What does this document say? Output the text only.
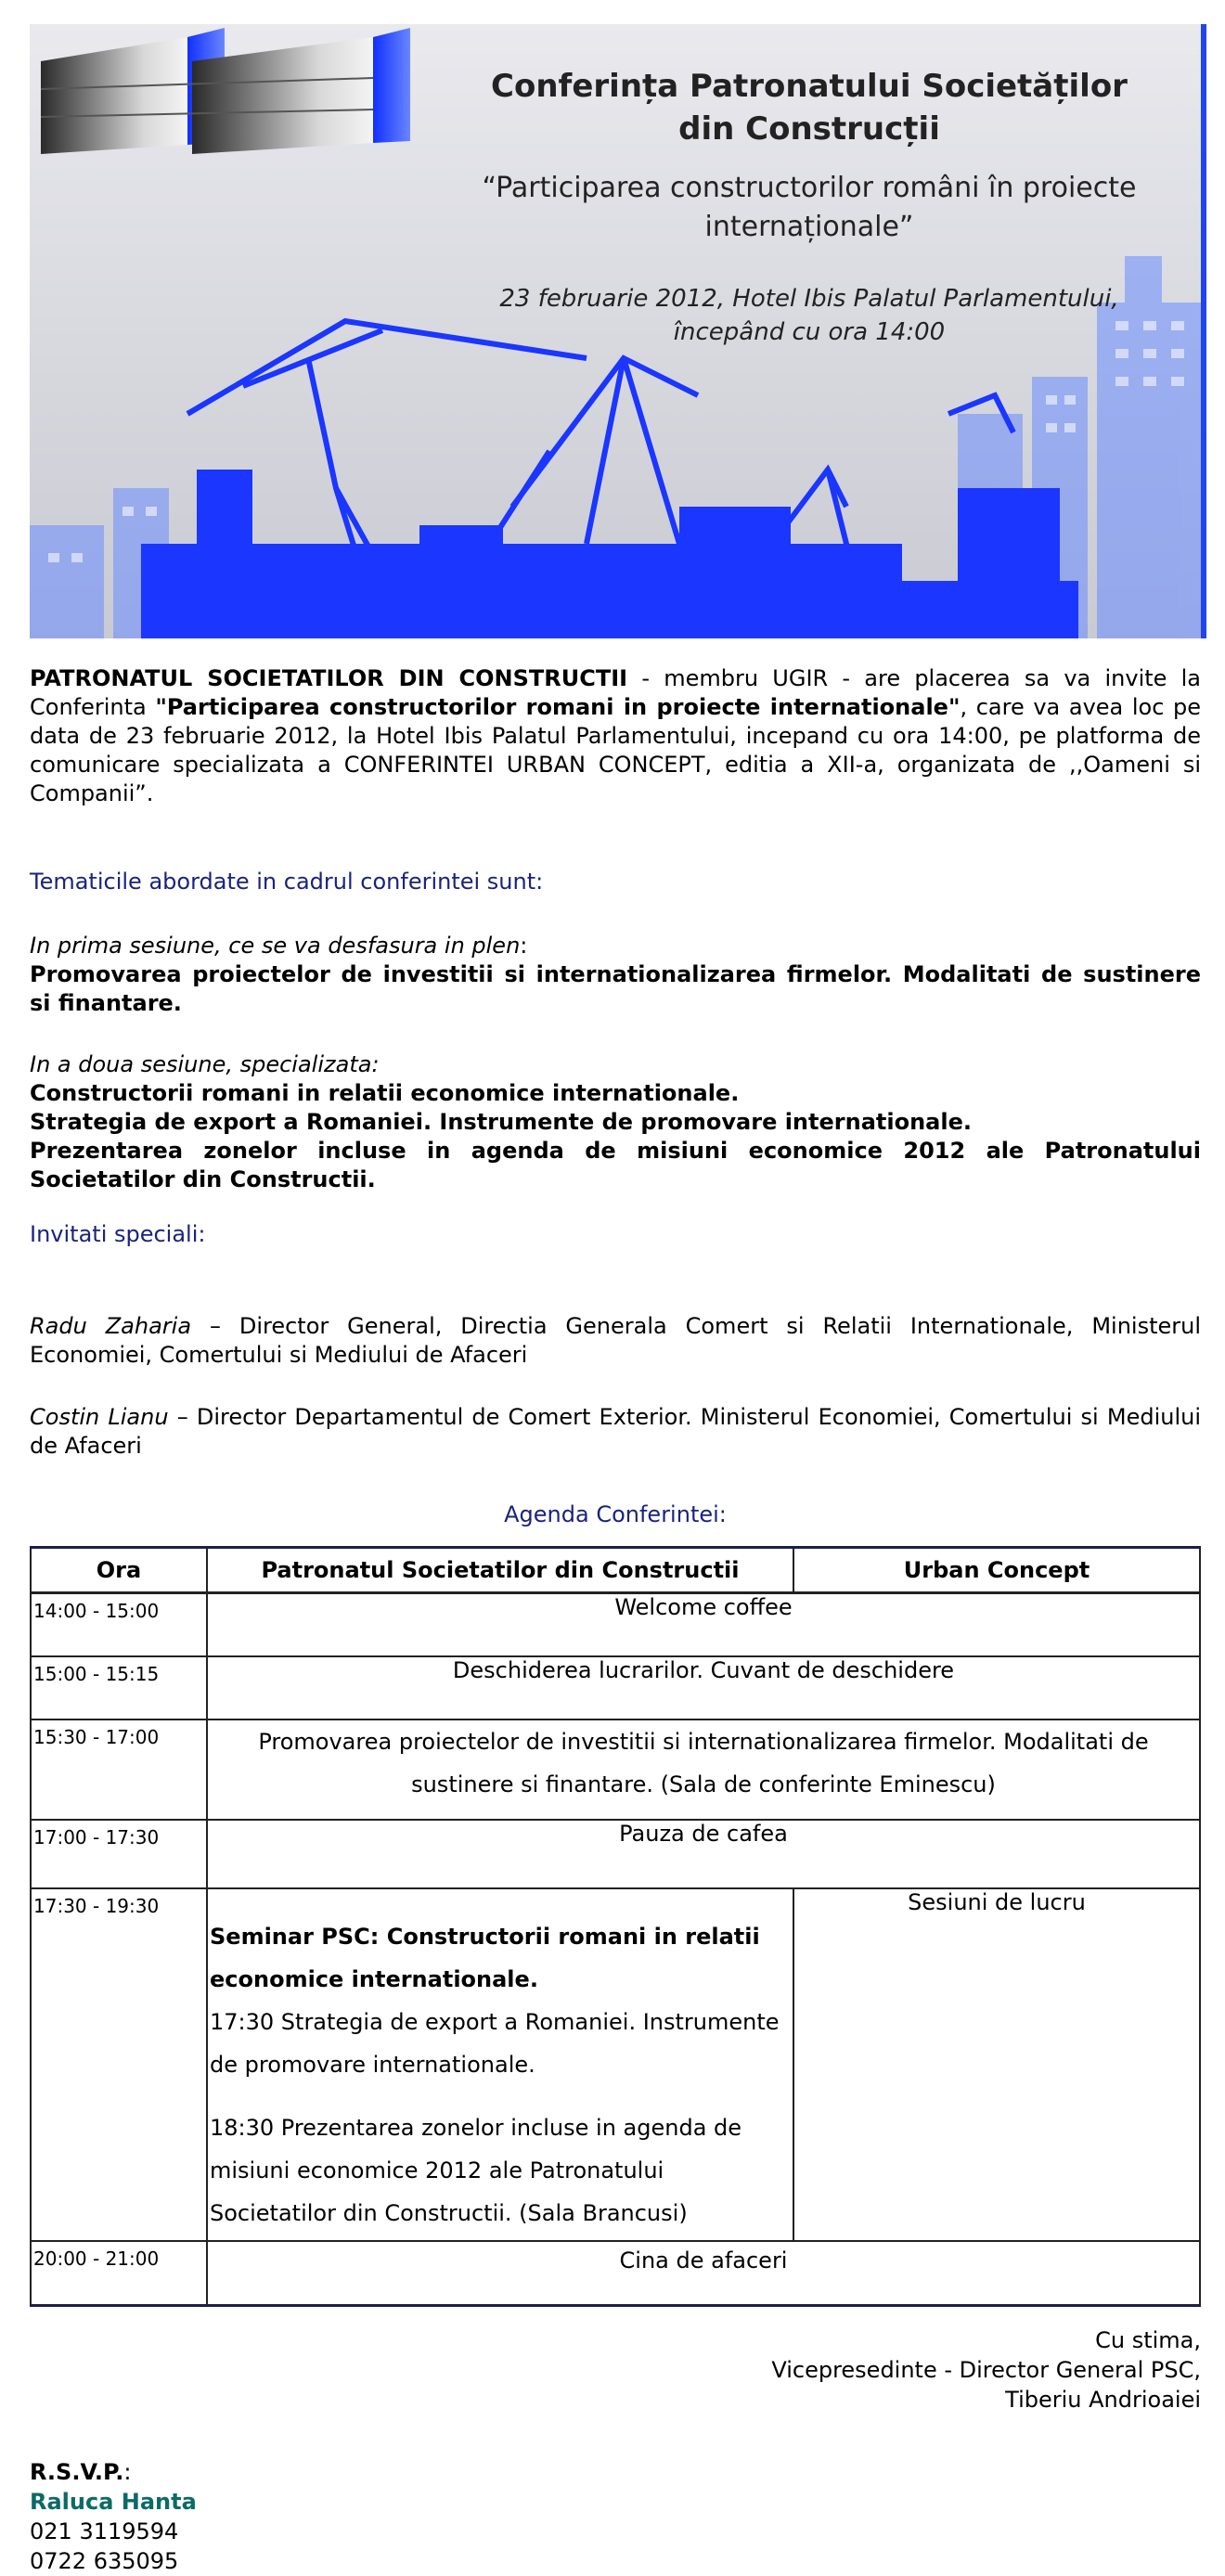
Conferința Patronatului Societăților
din Construcții
“Participarea constructorilor români în proiecte
internaționale”
23 februarie 2012, Hotel Ibis Palatul Parlamentului,
începând cu ora 14:00

PATRONATUL SOCIETATILOR DIN CONSTRUCTII - membru UGIR - are placerea sa va invite la Conferinta "Participarea constructorilor romani in proiecte internationale", care va avea loc pe data de 23 februarie 2012, la Hotel Ibis Palatul Parlamentului, incepand cu ora 14:00, pe platforma de comunicare specializata a CONFERINTEI URBAN CONCEPT, editia a XII-a, organizata de ,,Oameni si Companii”.

Tematicile abordate in cadrul conferintei sunt:
In prima sesiune, ce se va desfasura in plen:
Promovarea proiectelor de investitii si internationalizarea firmelor. Modalitati de sustinere si finantare.
In a doua sesiune, specializata:
Constructorii romani in relatii economice internationale.
Strategia de export a Romaniei. Instrumente de promovare internationale.
Prezentarea zonelor incluse in agenda de misiuni economice 2012 ale Patronatului Societatilor din Constructii.
Invitati speciali:
Radu Zaharia – Director General, Directia Generala Comert si Relatii Internationale, Ministerul Economiei, Comertului si Mediului de Afaceri
Costin Lianu – Director Departamentul de Comert Exterior. Ministerul Economiei, Comertului si Mediului de Afaceri
Agenda Conferintei:
Ora	Patronatul Societatilor din Constructii	Urban Concept
14:00 - 15:00	Welcome coffee	
15:00 - 15:15	Deschiderea lucrarilor. Cuvant de deschidere	
15:30 - 17:00	Promovarea proiectelor de investitii si internationalizarea firmelor. Modalitati de sustinere si finantare. (Sala de conferinte Eminescu)	
17:00 - 17:30	Pauza de cafea	
17:30 - 19:30	Seminar PSC: Constructorii romani in relatii economice internationale.
17:30 Strategia de export a Romaniei. Instrumente de promovare internationale.
18:30 Prezentarea zonelor incluse in agenda de misiuni economice 2012 ale Patronatului Societatilor din Constructii. (Sala Brancusi)	Sesiuni de lucru
20:00 - 21:00	Cina de afaceri	
Cu stima,
Vicepresedinte - Director General PSC,
Tiberiu Andrioaiei
R.S.V.P.:
Raluca Hanta
021 3119594
0722 635095
